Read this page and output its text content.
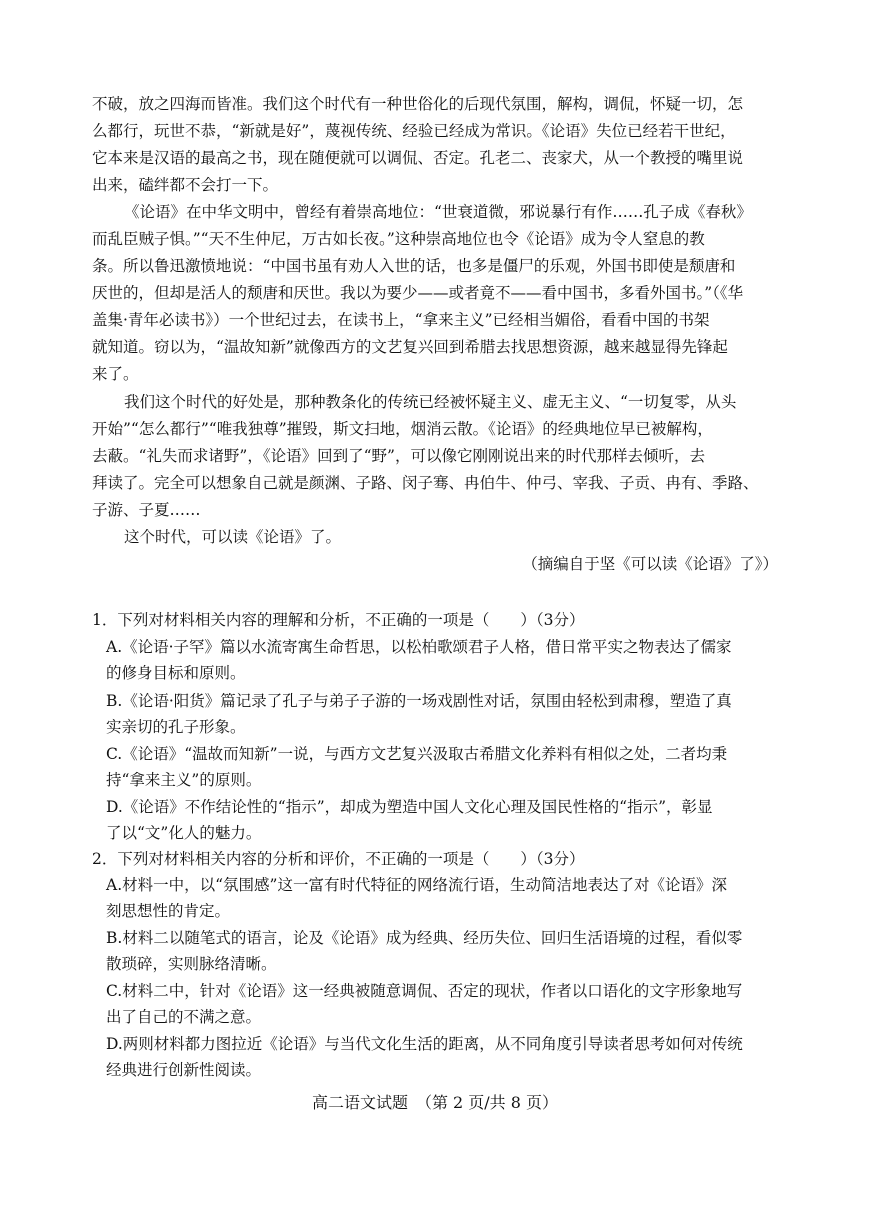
不破，放之四海而皆准。我们这个时代有一种世俗化的后现代氛围，解构，调侃，怀疑一切，怎
么都行，玩世不恭，“新就是好”，蔑视传统、经验已经成为常识。《论语》失位已经若干世纪，
它本来是汉语的最高之书，现在随便就可以调侃、否定。孔老二、丧家犬，从一个教授的嘴里说
出来，磕绊都不会打一下。
《论语》在中华文明中，曾经有着崇高地位：“世衰道微，邪说暴行有作……孔子成《春秋》
而乱臣贼子惧。”“天不生仲尼，万古如长夜。”这种崇高地位也令《论语》成为令人窒息的教
条。所以鲁迅激愤地说：“中国书虽有劝人入世的话，也多是僵尸的乐观，外国书即使是颓唐和
厌世的，但却是活人的颓唐和厌世。我以为要少——或者竟不——看中国书，多看外国书。”（《华
盖集·青年必读书》）一个世纪过去，在读书上，“拿来主义”已经相当媚俗，看看中国的书架
就知道。窃以为，“温故知新”就像西方的文艺复兴回到希腊去找思想资源，越来越显得先锋起
来了。
我们这个时代的好处是，那种教条化的传统已经被怀疑主义、虚无主义、“一切复零，从头
开始”“怎么都行”“唯我独尊”摧毁，斯文扫地，烟消云散。《论语》的经典地位早已被解构，
去蔽。“礼失而求诸野”，《论语》回到了“野”，可以像它刚刚说出来的时代那样去倾听，去
拜读了。完全可以想象自己就是颜渊、子路、闵子骞、冉伯牛、仲弓、宰我、子贡、冉有、季路、
子游、子夏……
这个时代，可以读《论语》了。
（摘编自于坚《可以读《论语》了》）
1．下列对材料相关内容的理解和分析，不正确的一项是（　　）（3分）
A.《论语·子罕》篇以水流寄寓生命哲思，以松柏歌颂君子人格，借日常平实之物表达了儒家
的修身目标和原则。
B.《论语·阳货》篇记录了孔子与弟子子游的一场戏剧性对话，氛围由轻松到肃穆，塑造了真
实亲切的孔子形象。
C.《论语》“温故而知新”一说，与西方文艺复兴汲取古希腊文化养料有相似之处，二者均秉
持“拿来主义”的原则。
D.《论语》不作结论性的“指示”，却成为塑造中国人文化心理及国民性格的“指示”，彰显
了以“文”化人的魅力。
2．下列对材料相关内容的分析和评价，不正确的一项是（　　）（3分）
A.材料一中，以“氛围感”这一富有时代特征的网络流行语，生动简洁地表达了对《论语》深
刻思想性的肯定。
B.材料二以随笔式的语言，论及《论语》成为经典、经历失位、回归生活语境的过程，看似零
散琐碎，实则脉络清晰。
C.材料二中，针对《论语》这一经典被随意调侃、否定的现状，作者以口语化的文字形象地写
出了自己的不满之意。
D.两则材料都力图拉近《论语》与当代文化生活的距离，从不同角度引导读者思考如何对传统
经典进行创新性阅读。
高二语文试题　（第 2 页/共 8 页）
